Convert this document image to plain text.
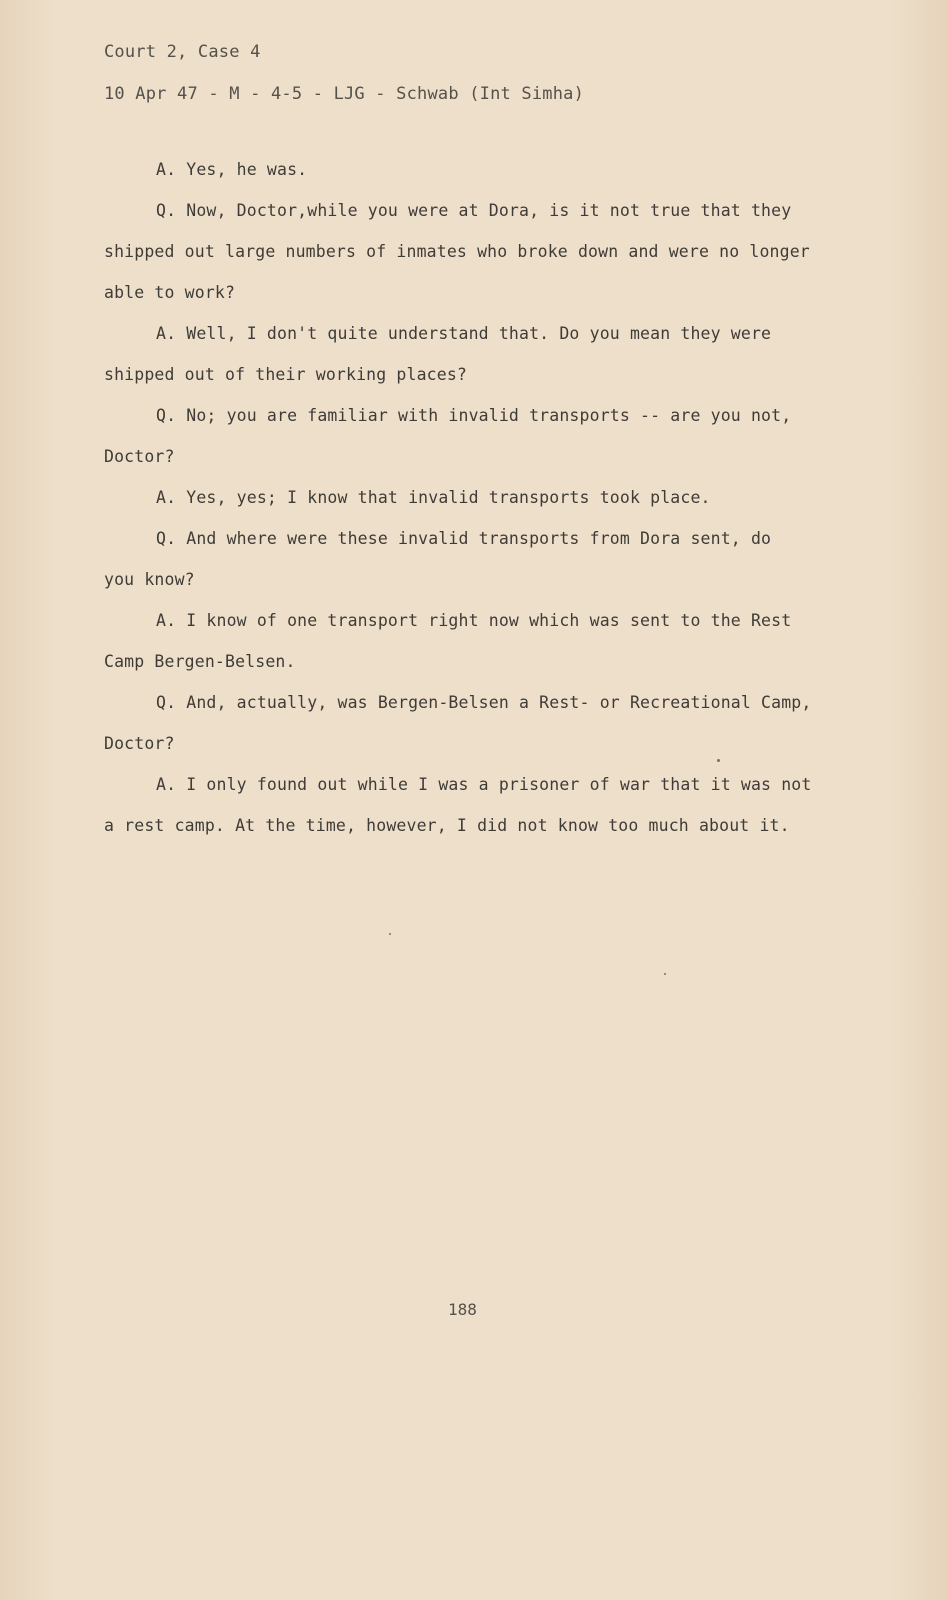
Court 2, Case 4
10 Apr 47 - M - 4-5 - LJG - Schwab (Int Simha)
A. Yes, he was.
Q. Now, Doctor,while you were at Dora, is it not true that they
shipped out large numbers of inmates who broke down and were no longer
able to work?
A. Well, I don't quite understand that. Do you mean they were
shipped out of their working places?
Q. No; you are familiar with invalid transports -- are you not,
Doctor?
A. Yes, yes; I know that invalid transports took place.
Q. And where were these invalid transports from Dora sent, do
you know?
A. I know of one transport right now which was sent to the Rest
Camp Bergen-Belsen.
Q. And, actually, was Bergen-Belsen a Rest- or Recreational Camp,
Doctor?
A. I only found out while I was a prisoner of war that it was not
a rest camp. At the time, however, I did not know too much about it.
188
